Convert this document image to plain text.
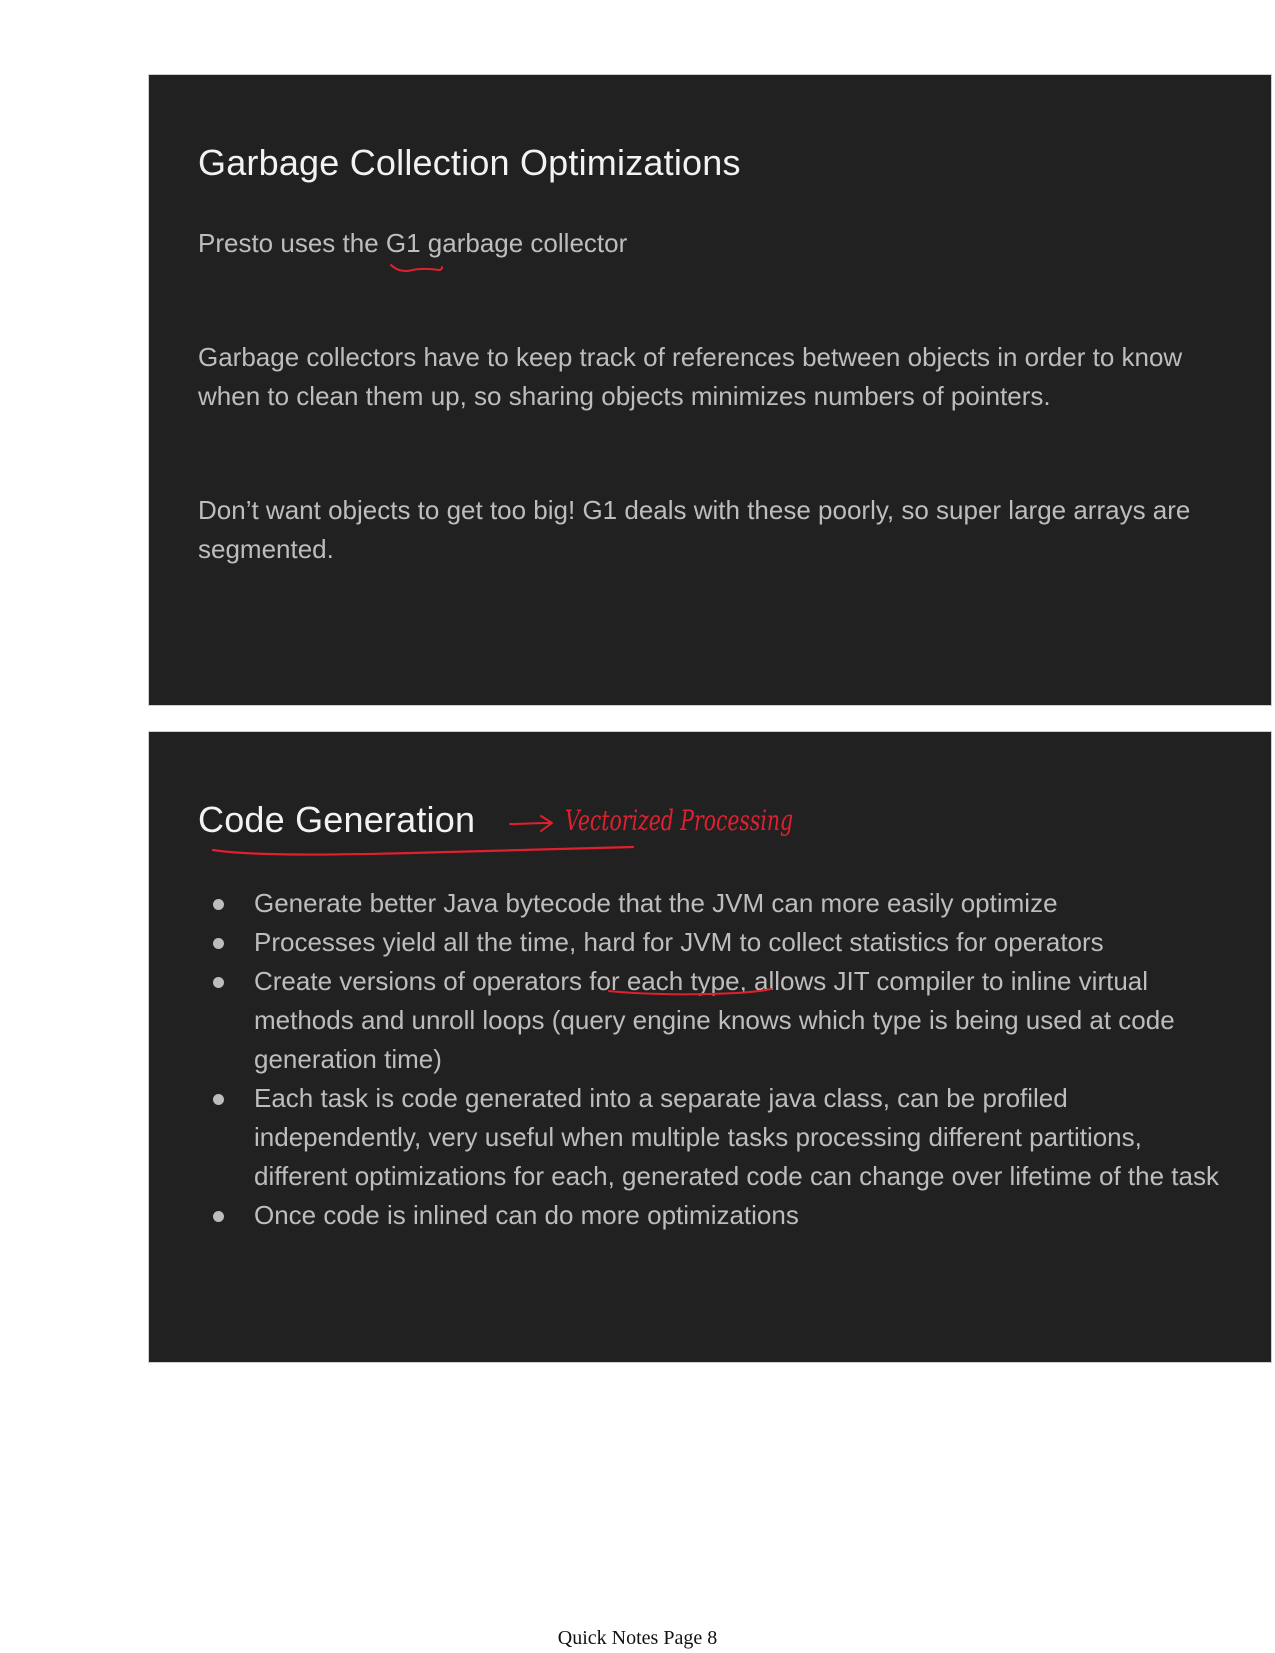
Garbage Collection Optimizations

Presto uses the G1 garbage collector

Garbage collectors have to keep track of references between objects in order to know when to clean them up, so sharing objects minimizes numbers of pointers.

Don’t want objects to get too big! G1 deals with these poorly, so super large arrays are segmented.

Code Generation	Vectorized Processing
Generate better Java bytecode that the JVM can more easily optimize
Processes yield all the time, hard for JVM to collect statistics for operators
Create versions of operators for each type, allows JIT compiler to inline virtual methods and unroll loops (query engine knows which type is being used at code generation time)
Each task is code generated into a separate java class, can be profiled independently, very useful when multiple tasks processing different partitions, different optimizations for each, generated code can change over lifetime of the task
Once code is inlined can do more optimizations
Quick Notes Page 8
